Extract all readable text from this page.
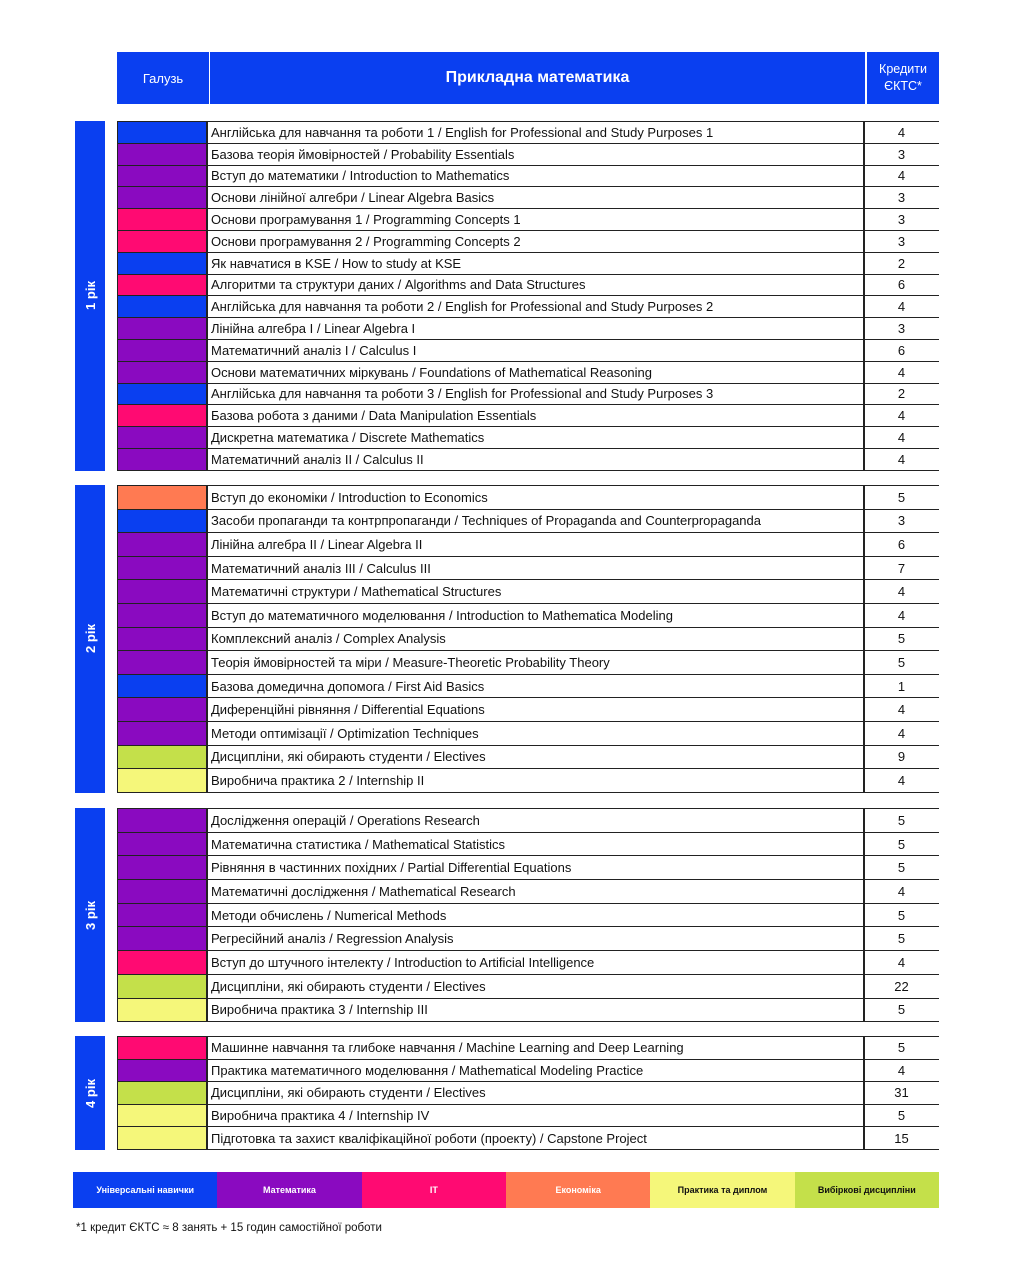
Галузь	Прикладна математика	Кредити
ЄКТС*
1 рік
Англійська для навчання та роботи 1 / English for Professional and Study Purposes 1	4
Базова теорія ймовірностей / Probability Essentials	3
Вступ до математики / Introduction to Mathematics	4
Основи лінійної алгебри / Linear Algebra Basics	3
Основи програмування 1 / Programming Concepts 1	3
Основи програмування 2 / Programming Concepts 2	3
Як навчатися в KSE / How to study at KSE	2
Алгоритми та структури даних / Algorithms and Data Structures	6
Англійська для навчання та роботи 2 / English for Professional and Study Purposes 2	4
Лінійна алгебра I / Linear Algebra I	3
Математичний аналіз I / Calculus I	6
Основи математичних міркувань / Foundations of Mathematical Reasoning	4
Англійська для навчання та роботи 3 / English for Professional and Study Purposes 3	2
Базова робота з даними / Data Manipulation Essentials	4
Дискретна математика / Discrete Mathematics	4
Математичний аналіз II / Calculus II	4
2 рік
Вступ до економіки / Introduction to Economics	5
Засоби пропаганди та контрпропаганди / Techniques of Propaganda and Counterpropaganda	3
Лінійна алгебра II / Linear Algebra II	6
Математичний аналіз III / Calculus III	7
Математичні структури / Mathematical Structures	4
Вступ до математичного моделювання / Introduction to Mathematica Modeling	4
Комплексний аналіз / Complex Analysis	5
Теорія ймовірностей та міри / Measure-Theoretic Probability Theory	5
Базова домедична допомога / First Aid Basics	1
Диференційні рівняння / Differential Equations	4
Методи оптимізації / Optimization Techniques	4
Дисципліни, які обирають студенти / Electives	9
Виробнича практика 2 / Internship II	4
3 рік
Дослідження операцій / Operations Research	5
Математична статистика / Mathematical Statistics	5
Рівняння в частинних похідних / Partial Differential Equations	5
Математичні дослідження / Mathematical Research	4
Методи обчислень / Numerical Methods	5
Регресійний аналіз / Regression Analysis	5
Вступ до штучного інтелекту / Introduction to Artificial Intelligence	4
Дисципліни, які обирають студенти / Electives	22
Виробнича практика 3 / Internship III	5
4 рік
Машинне навчання та глибоке навчання / Machine Learning and Deep Learning	5
Практика математичного моделювання / Mathematical Modeling Practice	4
Дисципліни, які обирають студенти / Electives	31
Виробнича практика 4 / Internship IV	5
Підготовка та захист кваліфікаційної роботи (проекту) / Capstone Project	15
Універсальні навички	Математика	IT	Економіка	Практика та диплом	Вибіркові дисципліни
*1 кредит ЄКТС ≈ 8 занять + 15 годин самостійної роботи
